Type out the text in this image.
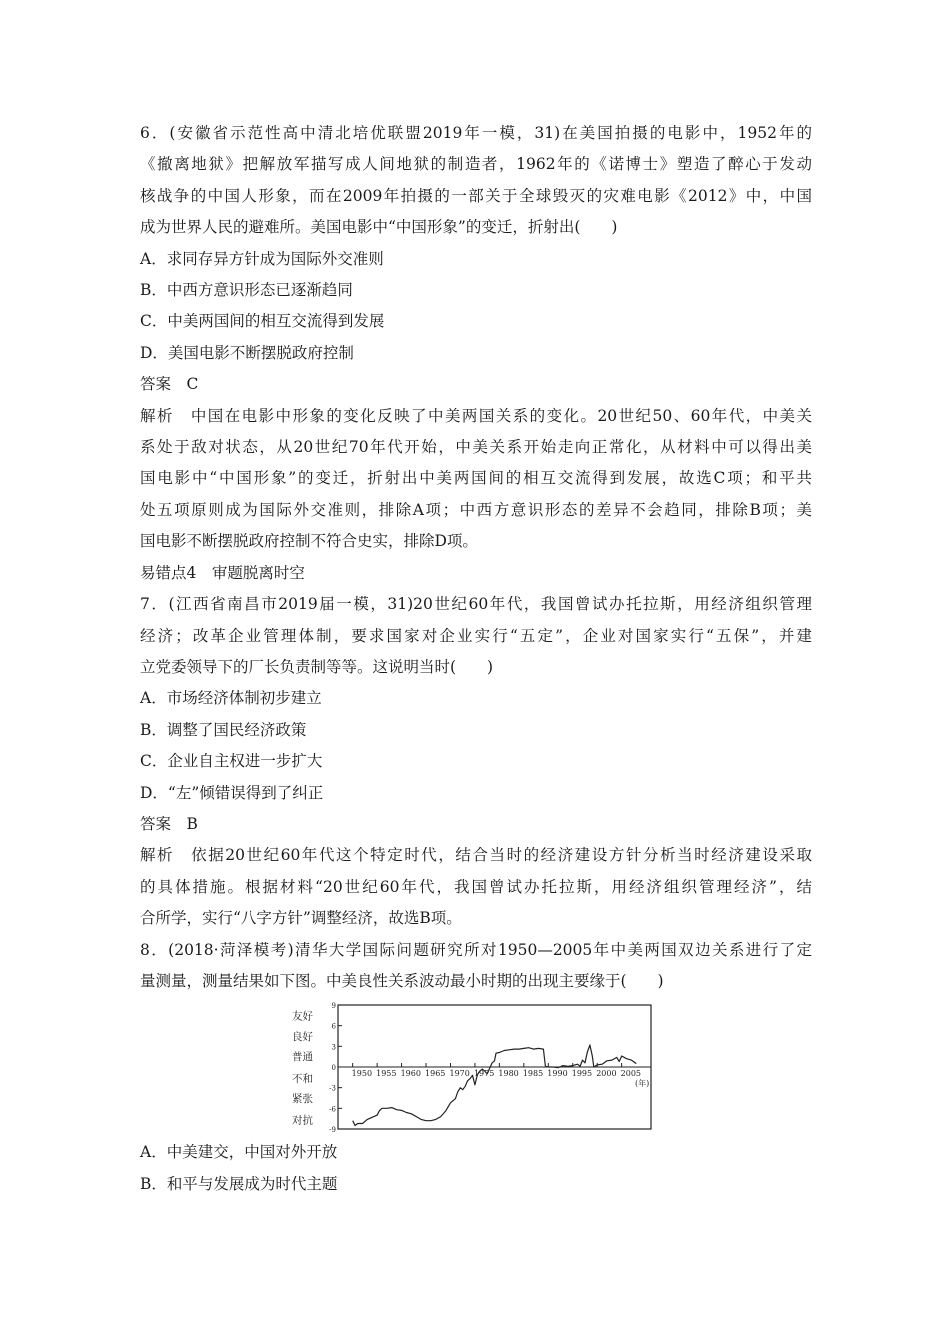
6．(安徽省示范性高中清北培优联盟2019年一模，31)在美国拍摄的电影中，1952年的
《撤离地狱》把解放军描写成人间地狱的制造者，1962年的《诺博士》塑造了醉心于发动
核战争的中国人形象，而在2009年拍摄的一部关于全球毁灭的灾难电影《2012》中，中国
成为世界人民的避难所。美国电影中“中国形象”的变迁，折射出(　　)
A．求同存异方针成为国际外交准则
B．中西方意识形态已逐渐趋同
C．中美两国间的相互交流得到发展
D．美国电影不断摆脱政府控制
答案　C
解析　中国在电影中形象的变化反映了中美两国关系的变化。20世纪50、60年代，中美关
系处于敌对状态，从20世纪70年代开始，中美关系开始走向正常化，从材料中可以得出美
国电影中“中国形象”的变迁，折射出中美两国间的相互交流得到发展，故选C项；和平共
处五项原则成为国际外交准则，排除A项；中西方意识形态的差异不会趋同，排除B项；美
国电影不断摆脱政府控制不符合史实，排除D项。
易错点4　审题脱离时空
7．(江西省南昌市2019届一模，31)20世纪60年代，我国曾试办托拉斯，用经济组织管理
经济；改革企业管理体制，要求国家对企业实行“五定”，企业对国家实行“五保”，并建
立党委领导下的厂长负责制等等。这说明当时(　　)
A．市场经济体制初步建立
B．调整了国民经济政策
C．企业自主权进一步扩大
D．“左”倾错误得到了纠正
答案　B
解析　依据20世纪60年代这个特定时代，结合当时的经济建设方针分析当时经济建设采取
的具体措施。根据材料“20世纪60年代，我国曾试办托拉斯，用经济组织管理经济”，结
合所学，实行“八字方针”调整经济，故选B项。
8．(2018·菏泽模考)清华大学国际问题研究所对1950—2005年中美两国双边关系进行了定
量测量，测量结果如下图。中美良性关系波动最小时期的出现主要缘于(　　)
9
6
3
0
-3
-6
-9
友好
良好
普通
不和
紧张
对抗
1950 1955 1960 1965 1970 1975 1980 1985 1990 1995 2000 2005
(年)
A．中美建交，中国对外开放
B．和平与发展成为时代主题
